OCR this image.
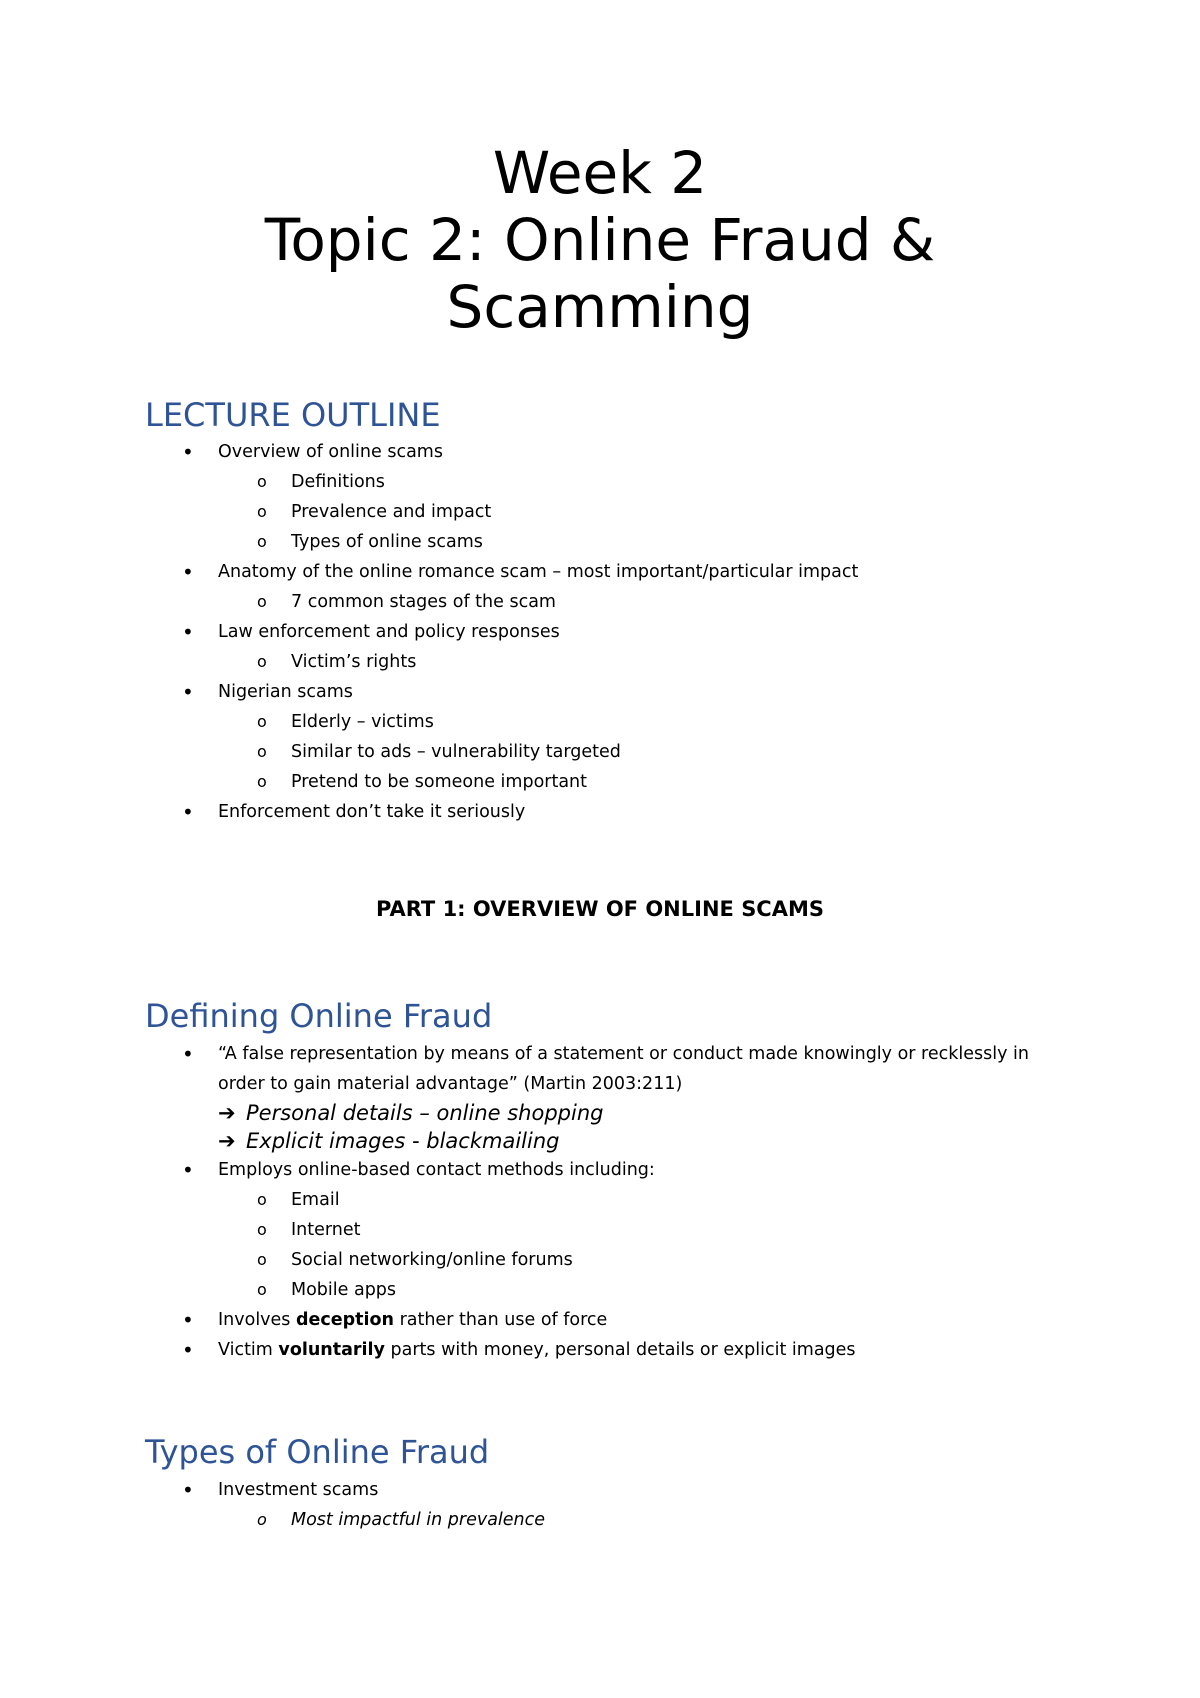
Week 2
Topic 2: Online Fraud &
Scamming
LECTURE OUTLINE
• Overview of online scams
o Definitions
o Prevalence and impact
o Types of online scams
• Anatomy of the online romance scam – most important/particular impact
o 7 common stages of the scam
• Law enforcement and policy responses
o Victim’s rights
• Nigerian scams
o Elderly – victims
o Similar to ads – vulnerability targeted
o Pretend to be someone important
• Enforcement don’t take it seriously
PART 1: OVERVIEW OF ONLINE SCAMS
Defining Online Fraud
• “A false representation by means of a statement or conduct made knowingly or recklessly in
order to gain material advantage” (Martin 2003:211)
➔ Personal details – online shopping
➔ Explicit images - blackmailing
• Employs online-based contact methods including:
o Email
o Internet
o Social networking/online forums
o Mobile apps
• Involves deception rather than use of force
• Victim voluntarily parts with money, personal details or explicit images
Types of Online Fraud
• Investment scams
o Most impactful in prevalence
